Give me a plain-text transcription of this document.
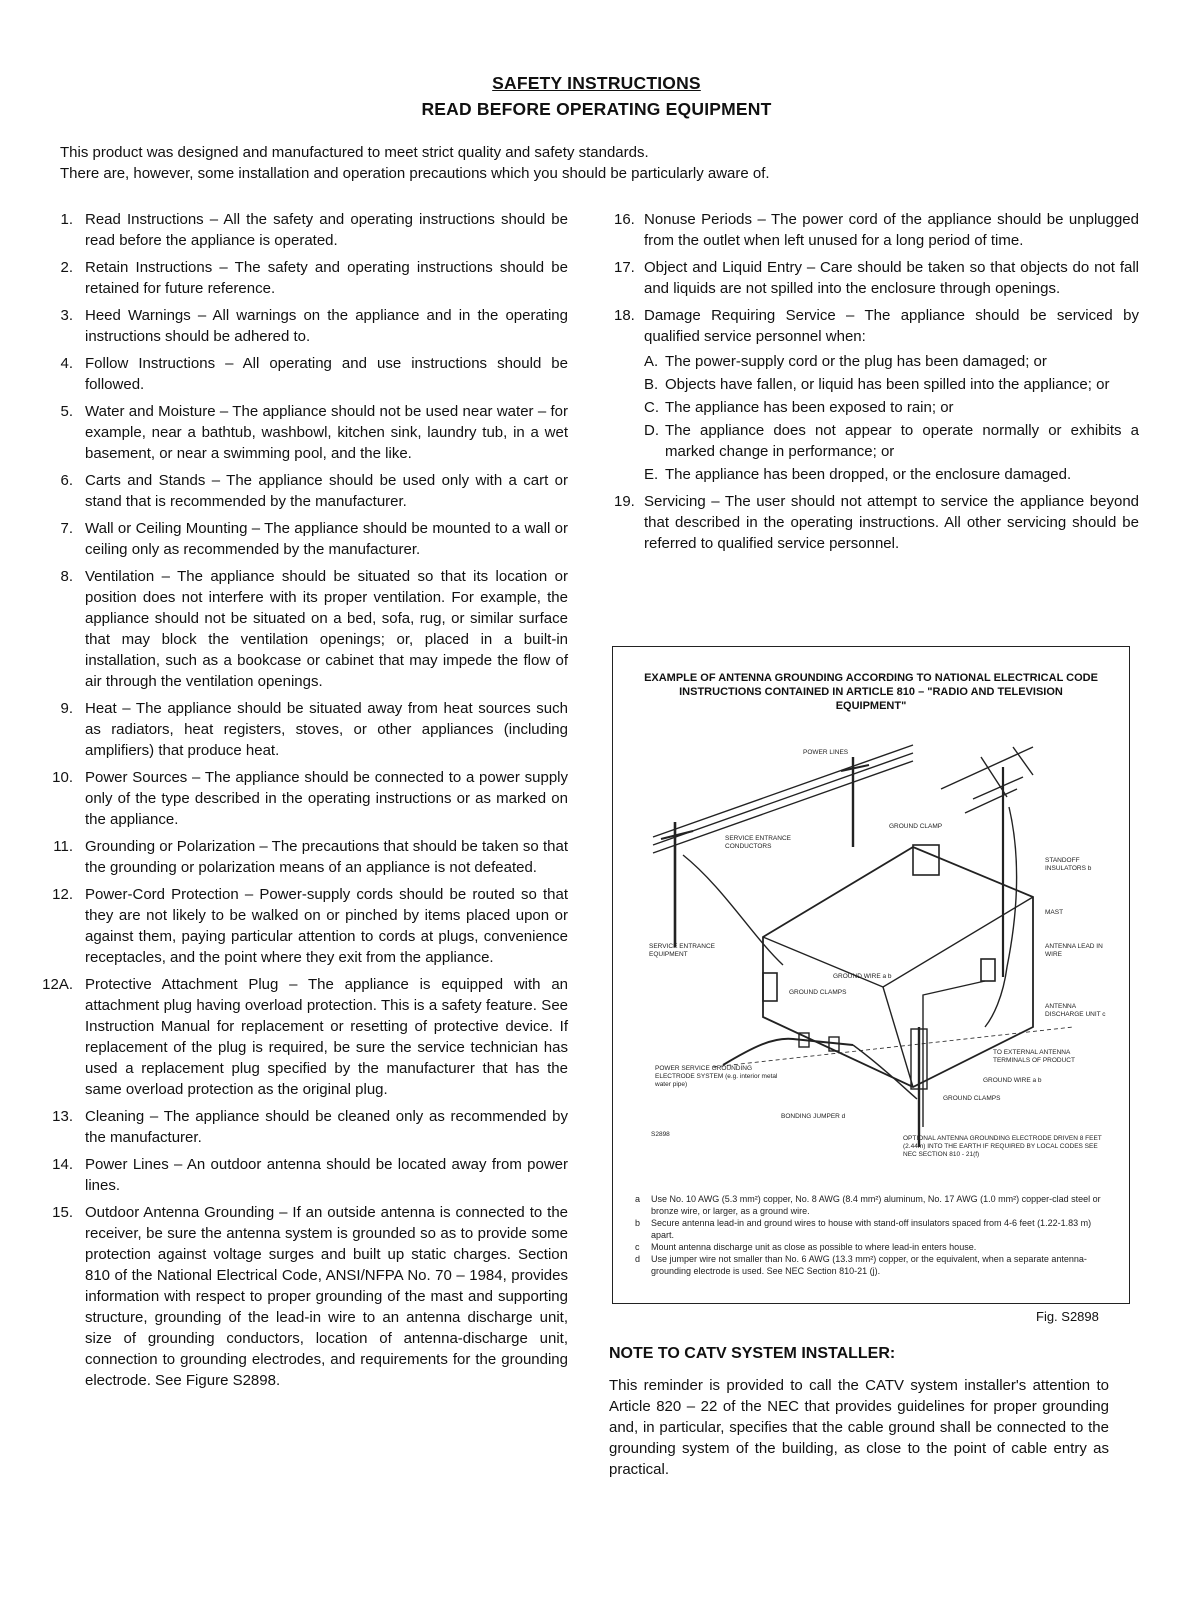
SAFETY INSTRUCTIONS
READ BEFORE OPERATING EQUIPMENT
This product was designed and manufactured to meet strict quality and safety standards.
There are, however, some installation and operation precautions which you should be particularly aware of.
1. Read Instructions – All the safety and operating instructions should be read before the appliance is operated.
2. Retain Instructions – The safety and operating instructions should be retained for future reference.
3. Heed Warnings – All warnings on the appliance and in the operating instructions should be adhered to.
4. Follow Instructions – All operating and use instructions should be followed.
5. Water and Moisture – The appliance should not be used near water – for example, near a bathtub, washbowl, kitchen sink, laundry tub, in a wet basement, or near a swimming pool, and the like.
6. Carts and Stands – The appliance should be used only with a cart or stand that is recommended by the manufacturer.
7. Wall or Ceiling Mounting – The appliance should be mounted to a wall or ceiling only as recommended by the manufacturer.
8. Ventilation – The appliance should be situated so that its location or position does not interfere with its proper ventilation. For example, the appliance should not be situated on a bed, sofa, rug, or similar surface that may block the ventilation openings; or, placed in a built-in installation, such as a bookcase or cabinet that may impede the flow of air through the ventilation openings.
9. Heat – The appliance should be situated away from heat sources such as radiators, heat registers, stoves, or other appliances (including amplifiers) that produce heat.
10. Power Sources – The appliance should be connected to a power supply only of the type described in the operating instructions or as marked on the appliance.
11. Grounding or Polarization – The precautions that should be taken so that the grounding or polarization means of an appliance is not defeated.
12. Power-Cord Protection – Power-supply cords should be routed so that they are not likely to be walked on or pinched by items placed upon or against them, paying particular attention to cords at plugs, convenience receptacles, and the point where they exit from the appliance.
12A. Protective Attachment Plug – The appliance is equipped with an attachment plug having overload protection. This is a safety feature. See Instruction Manual for replacement or resetting of protective device. If replacement of the plug is required, be sure the service technician has used a replacement plug specified by the manufacturer that has the same overload protection as the original plug.
13. Cleaning – The appliance should be cleaned only as recommended by the manufacturer.
14. Power Lines – An outdoor antenna should be located away from power lines.
15. Outdoor Antenna Grounding – If an outside antenna is connected to the receiver, be sure the antenna system is grounded so as to provide some protection against voltage surges and built up static charges. Section 810 of the National Electrical Code, ANSI/NFPA No. 70 – 1984, provides information with respect to proper grounding of the mast and supporting structure, grounding of the lead-in wire to an antenna discharge unit, size of grounding conductors, location of antenna-discharge unit, connection to grounding electrodes, and requirements for the grounding electrode. See Figure S2898.
16. Nonuse Periods – The power cord of the appliance should be unplugged from the outlet when left unused for a long period of time.
17. Object and Liquid Entry – Care should be taken so that objects do not fall and liquids are not spilled into the enclosure through openings.
18. Damage Requiring Service – The appliance should be serviced by qualified service personnel when:
A. The power-supply cord or the plug has been damaged; or
B. Objects have fallen, or liquid has been spilled into the appliance; or
C. The appliance has been exposed to rain; or
D. The appliance does not appear to operate normally or exhibits a marked change in performance; or
E. The appliance has been dropped, or the enclosure damaged.
19. Servicing – The user should not attempt to service the appliance beyond that described in the operating instructions. All other servicing should be referred to qualified service personnel.
EXAMPLE OF ANTENNA GROUNDING ACCORDING TO NATIONAL ELECTRICAL CODE INSTRUCTIONS CONTAINED IN ARTICLE 810 – "RADIO AND TELEVISION EQUIPMENT"
POWER LINES
SERVICE ENTRANCE CONDUCTORS
GROUND CLAMP
STANDOFF INSULATORS b
MAST
ANTENNA LEAD IN WIRE
SERVICE ENTRANCE EQUIPMENT
GROUND WIRE a b
GROUND CLAMPS
ANTENNA DISCHARGE UNIT c
TO EXTERNAL ANTENNA TERMINALS OF PRODUCT
POWER SERVICE GROUNDING ELECTRODE SYSTEM (e.g. interior metal water pipe)
GROUND WIRE a b
GROUND CLAMPS
BONDING JUMPER d
S2898
OPTIONAL ANTENNA GROUNDING ELECTRODE DRIVEN 8 FEET (2.44m) INTO THE EARTH IF REQUIRED BY LOCAL CODES SEE NEC SECTION 810 - 21(f)
a Use No. 10 AWG (5.3 mm²) copper, No. 8 AWG (8.4 mm²) aluminum, No. 17 AWG (1.0 mm²) copper-clad steel or bronze wire, or larger, as a ground wire.
b Secure antenna lead-in and ground wires to house with stand-off insulators spaced from 4-6 feet (1.22-1.83 m) apart.
c Mount antenna discharge unit as close as possible to where lead-in enters house.
d Use jumper wire not smaller than No. 6 AWG (13.3 mm²) copper, or the equivalent, when a separate antenna-grounding electrode is used. See NEC Section 810-21 (j).
Fig. S2898
NOTE TO CATV SYSTEM INSTALLER:
This reminder is provided to call the CATV system installer's attention to Article 820 – 22 of the NEC that provides guidelines for proper grounding and, in particular, specifies that the cable ground shall be connected to the grounding system of the building, as close to the point of cable entry as practical.
